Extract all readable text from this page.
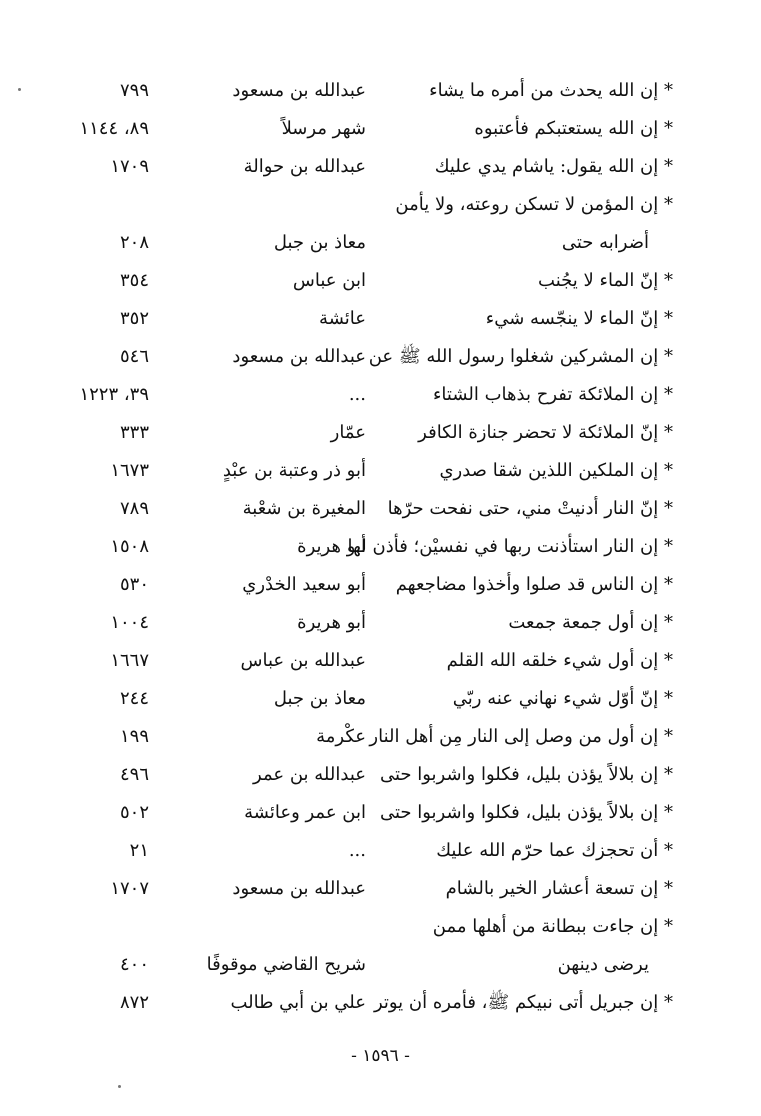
* إن الله يحدث من أمره ما يشاء
عبدالله بن مسعود
٧٩٩
* إن الله يستعتبكم فأعتبوه
شهر مرسلاً
٨٩، ١١٤٤
* إن الله يقول: ياشام يدي عليك
عبدالله بن حوالة
١٧٠٩
* إن المؤمن لا تسكن روعته، ولا يأمن
أضرابه حتى
معاذ بن جبل
٢٠٨
* إنّ الماء لا يجُنب
ابن عباس
٣٥٤
* إنّ الماء لا ينجّسه شيء
عائشة
٣٥٢
* إن المشركين شغلوا رسول الله ﷺ عن
عبدالله بن مسعود
٥٤٦
* إن الملائكة تفرح بذهاب الشتاء
...
٣٩، ١٢٢٣
* إنّ الملائكة لا تحضر جنازة الكافر
عمّار
٣٣٣
* إن الملكين اللذين شقا صدري
أبو ذر وعتبة بن عبْدٍ
١٦٧٣
* إنّ النار أدنيتْ مني، حتى نفحت حرّها
المغيرة بن شعْبة
٧٨٩
* إن النار استأذنت ربها في نفسيْن؛ فأذن لها
أبو هريرة
١٥٠٨
* إن الناس قد صلوا وأخذوا مضاجعهم
أبو سعيد الخدْري
٥٣٠
* إن أول جمعة جمعت
أبو هريرة
١٠٠٤
* إن أول شيء خلقه الله القلم
عبدالله بن عباس
١٦٦٧
* إنّ أوّل شيء نهاني عنه ربّي
معاذ بن جبل
٢٤٤
* إن أول من وصل إلى النار مِن أهل النار
عكْرمة
١٩٩
* إن بلالاً يؤذن بليل، فكلوا واشربوا حتى
عبدالله بن عمر
٤٩٦
* إن بلالاً يؤذن بليل، فكلوا واشربوا حتى
ابن عمر وعائشة
٥٠٢
* أن تحجزك عما حرّم الله عليك
...
٢١
* إن تسعة أعشار الخير بالشام
عبدالله بن مسعود
١٧٠٧
* إن جاءت ببطانة من أهلها ممن
يرضى دينهن
شريح القاضي موقوفًا
٤٠٠
* إن جبريل أتى نبيكم ﷺ، فأمره أن يوتر
علي بن أبي طالب
٨٧٢
- ١٥٩٦ -
